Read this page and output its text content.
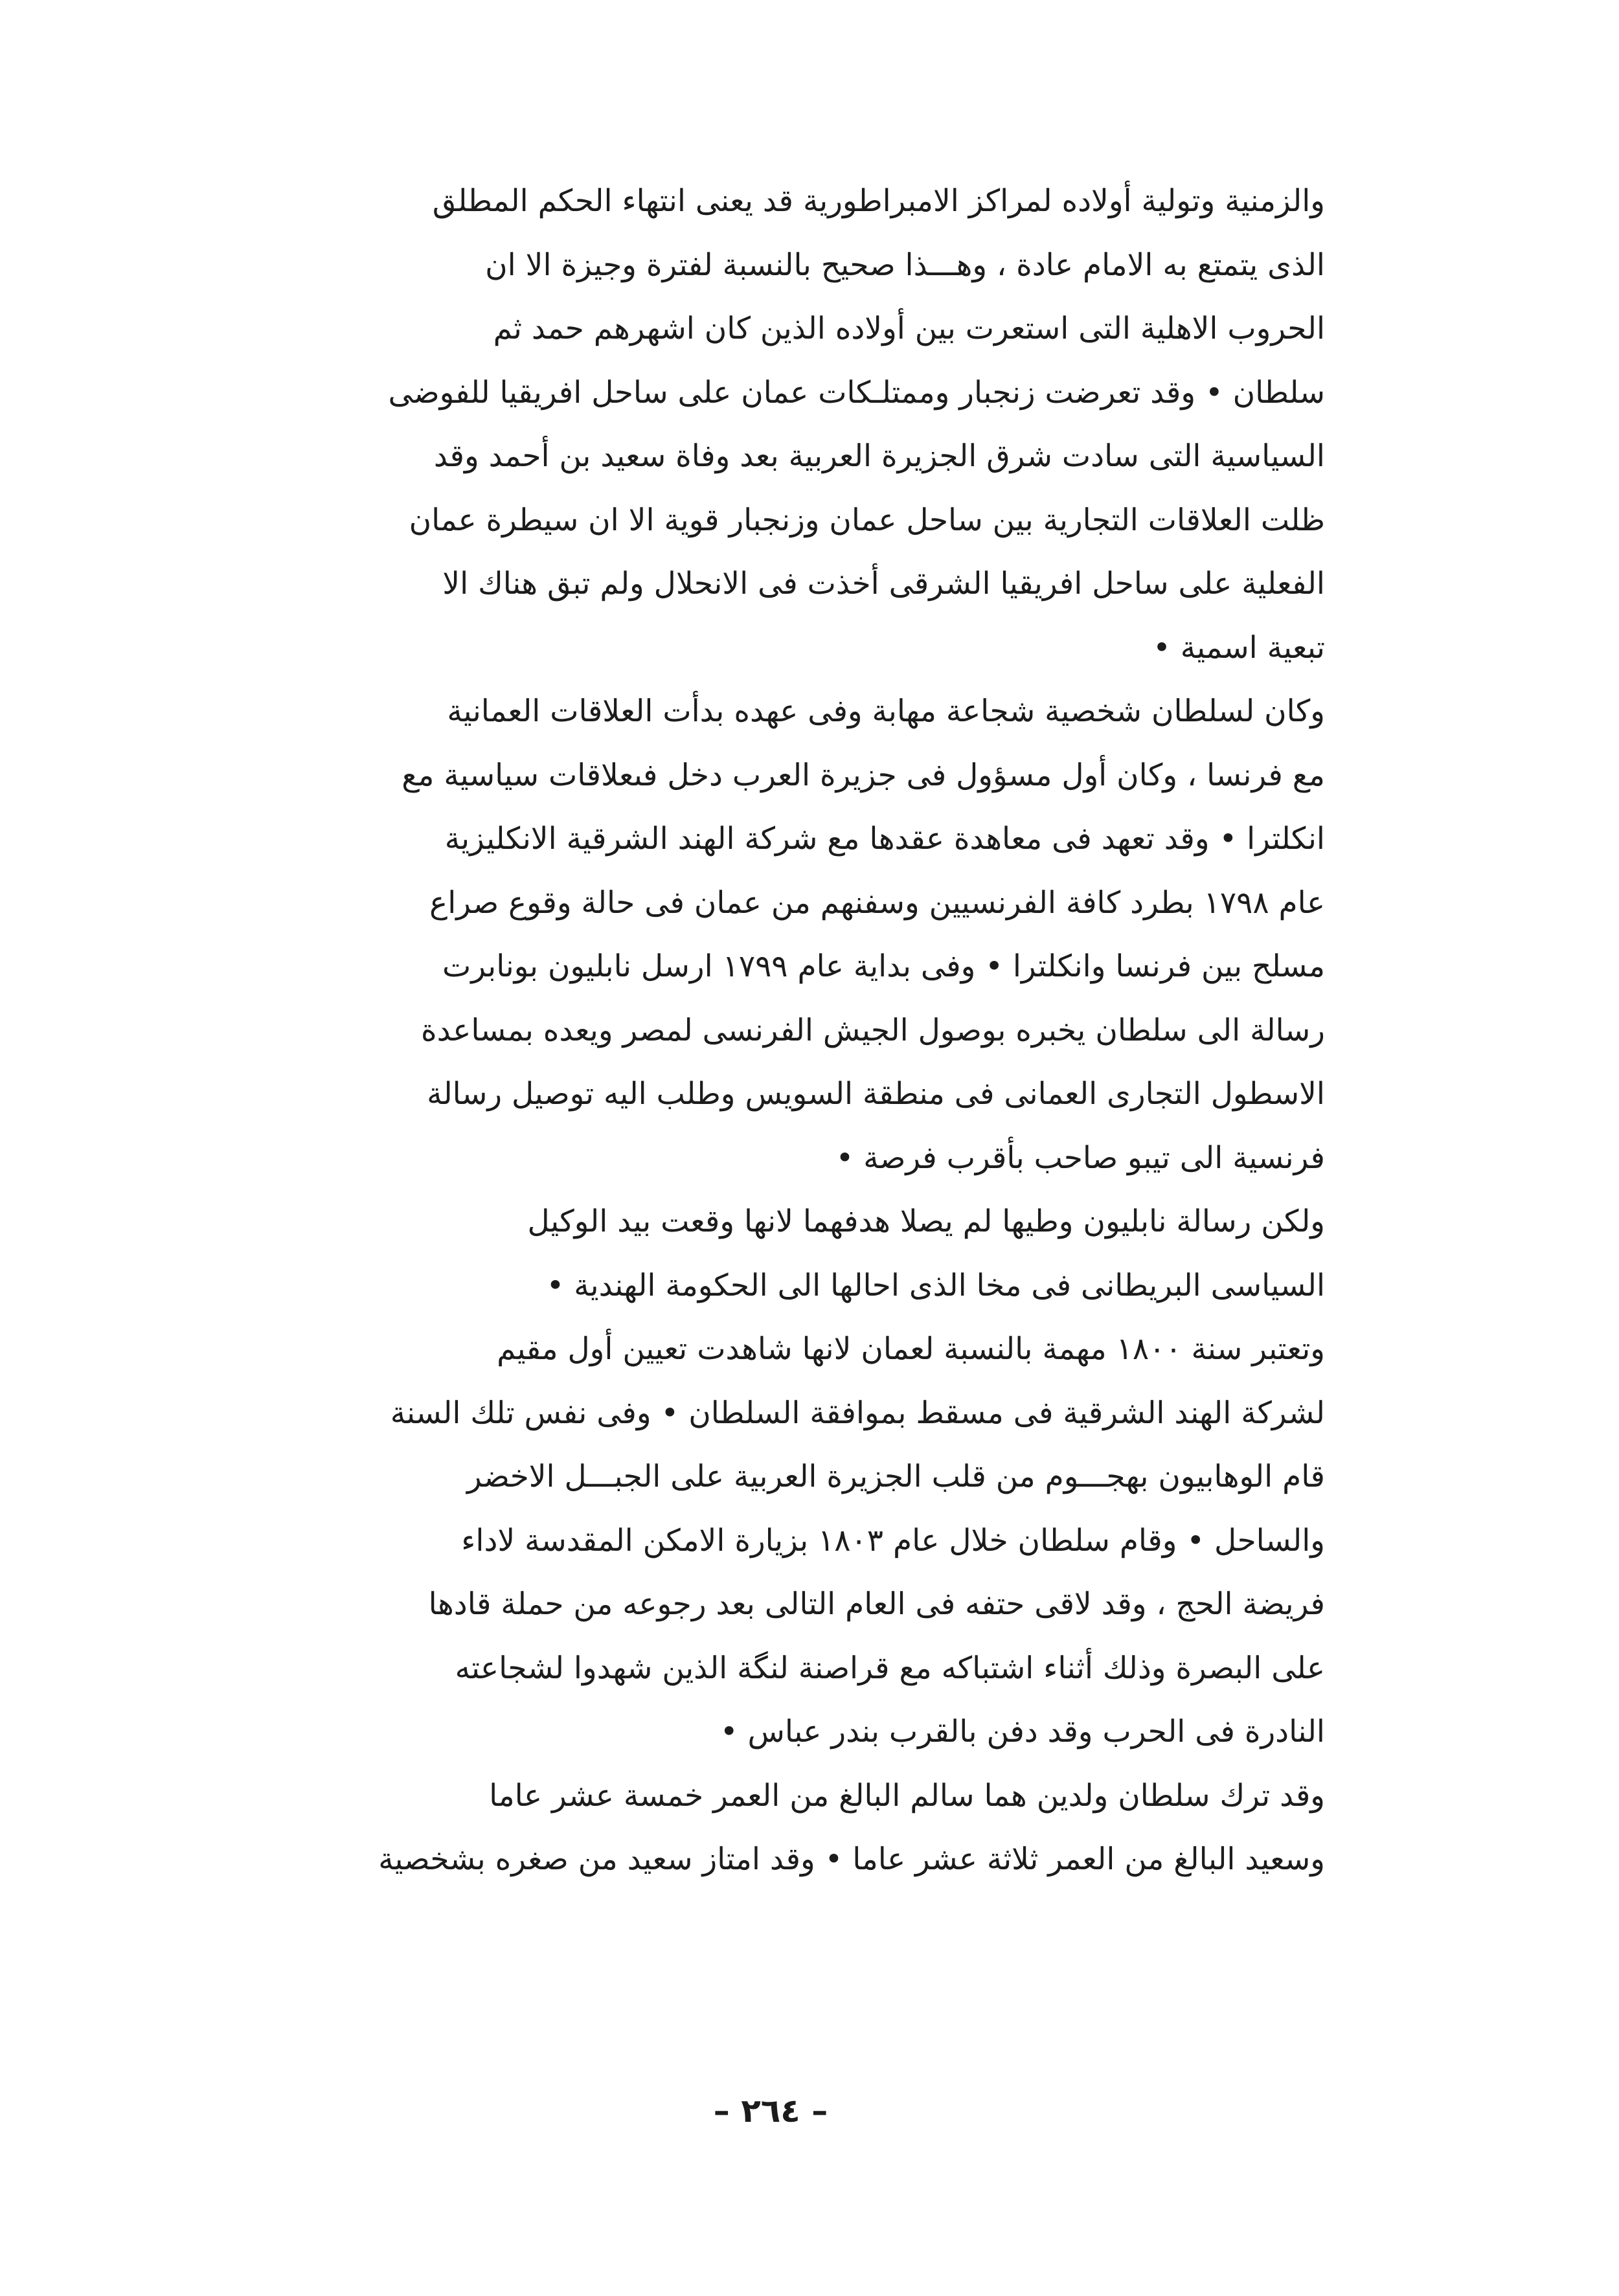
والزمنية وتولية أولاده لمراكز الامبراطورية قد يعنى انتهاء الحكم المطلق
الذى يتمتع به الامام عادة ، وهـــذا صحيح بالنسبة لفترة وجيزة الا ان
الحروب الاهلية التى استعرت بين أولاده الذين كان اشهرهم حمد ثم
سلطان • وقد تعرضت زنجبار وممتلـكات عمان على ساحل افريقيا للفوضى
السياسية التى سادت شرق الجزيرة العربية بعد وفاة سعيد بن أحمد وقد
ظلت العلاقات التجارية بين ساحل عمان وزنجبار قوية الا ان سيطرة عمان
الفعلية على ساحل افريقيا الشرقى أخذت فى الانحلال ولم تبق هناك الا
تبعية اسمية •
وكان لسلطان شخصية شجاعة مهابة وفى عهده بدأت العلاقات العمانية
مع فرنسا ، وكان أول مسؤول فى جزيرة العرب دخل فىعلاقات سياسية مع
انكلترا • وقد تعهد فى معاهدة عقدها مع شركة الهند الشرقية الانكليزية
عام ١٧٩٨ بطرد كافة الفرنسيين وسفنهم من عمان فى حالة وقوع صراع
مسلح بين فرنسا وانكلترا • وفى بداية عام ١٧٩٩ ارسل نابليون بونابرت
رسالة الى سلطان يخبره بوصول الجيش الفرنسى لمصر ويعده بمساعدة
الاسطول التجارى العمانى فى منطقة السويس وطلب اليه توصيل رسالة
فرنسية الى تيبو صاحب بأقرب فرصة •
ولكن رسالة نابليون وطيها لم يصلا هدفهما لانها وقعت بيد الوكيل
السياسى البريطانى فى مخا الذى احالها الى الحكومة الهندية •
وتعتبر سنة ١٨٠٠ مهمة بالنسبة لعمان لانها شاهدت تعيين أول مقيم
لشركة الهند الشرقية فى مسقط بموافقة السلطان • وفى نفس تلك السنة
قام الوهابيون بهجـــوم من قلب الجزيرة العربية على الجبـــل الاخضر
والساحل • وقام سلطان خلال عام ١٨٠٣ بزيارة الامكن المقدسة لاداء
فريضة الحج ، وقد لاقى حتفه فى العام التالى بعد رجوعه من حملة قادها
على البصرة وذلك أثناء اشتباكه مع قراصنة لنگة الذين شهدوا لشجاعته
النادرة فى الحرب وقد دفن بالقرب بندر عباس •
وقد ترك سلطان ولدين هما سالم البالغ من العمر خمسة عشر عاما
وسعيد البالغ من العمر ثلاثة عشر عاما • وقد امتاز سعيد من صغره بشخصية
– ٢٦٤ –
